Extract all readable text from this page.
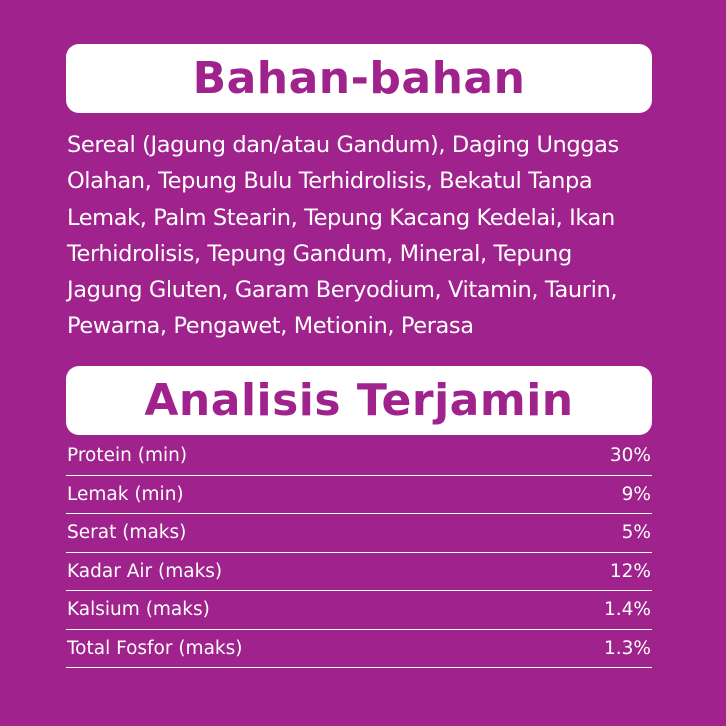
Bahan-bahan

Sereal (Jagung dan/atau Gandum), Daging Unggas
Olahan, Tepung Bulu Terhidrolisis, Bekatul Tanpa
Lemak, Palm Stearin, Tepung Kacang Kedelai, Ikan
Terhidrolisis, Tepung Gandum, Mineral, Tepung
Jagung Gluten, Garam Beryodium, Vitamin, Taurin,
Pewarna, Pengawet, Metionin, Perasa

Analisis Terjamin
Protein (min)	30%
Lemak (min)	9%
Serat (maks)	5%
Kadar Air (maks)	12%
Kalsium (maks)	1.4%
Total Fosfor (maks)	1.3%
